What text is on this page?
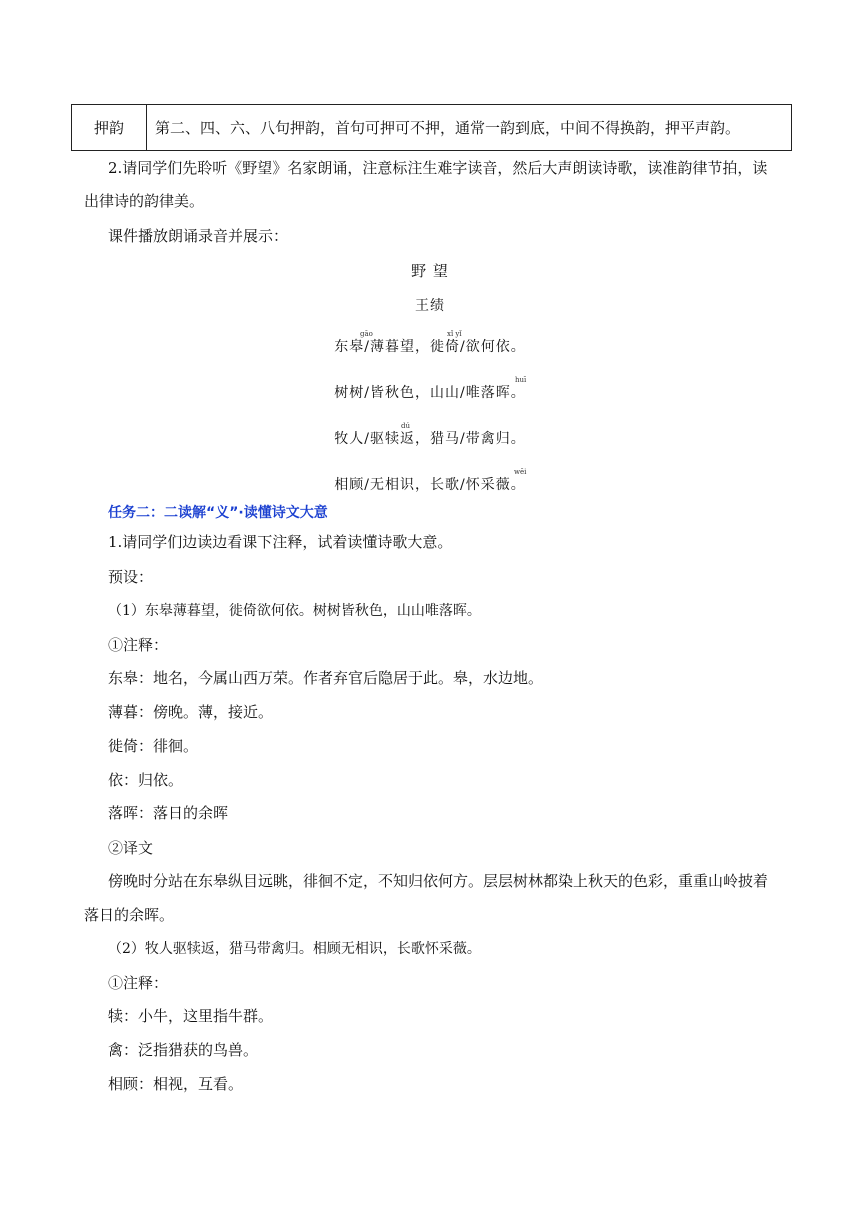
押韵	第二、四、六、八句押韵，首句可押可不押，通常一韵到底，中间不得换韵，押平声韵。
2.请同学们先聆听《野望》名家朗诵，注意标注生难字读音，然后大声朗读诗歌，读准韵律节拍，读
出律诗的韵律美。
课件播放朗诵录音并展示：
野 望
王绩
gāo	xǐ yǐ
东皋/薄暮望，徙倚/欲何依。
huī
树树/皆秋色，山山/唯落晖。
dú
牧人/驱犊返，猎马/带禽归。
wēi
相顾/无相识，长歌/怀采薇。
任务二：二读解“义”·读懂诗文大意
1.请同学们边读边看课下注释，试着读懂诗歌大意。
预设：
（1）东皋薄暮望，徙倚欲何依。树树皆秋色，山山唯落晖。
①注释：
东皋：地名，今属山西万荣。作者弃官后隐居于此。皋，水边地。
薄暮：傍晚。薄，接近。
徙倚：徘徊。
依：归依。
落晖：落日的余晖
②译文
傍晚时分站在东皋纵目远眺，徘徊不定，不知归依何方。层层树林都染上秋天的色彩，重重山岭披着
落日的余晖。
（2）牧人驱犊返，猎马带禽归。相顾无相识，长歌怀采薇。
①注释：
犊：小牛，这里指牛群。
禽：泛指猎获的鸟兽。
相顾：相视，互看。
